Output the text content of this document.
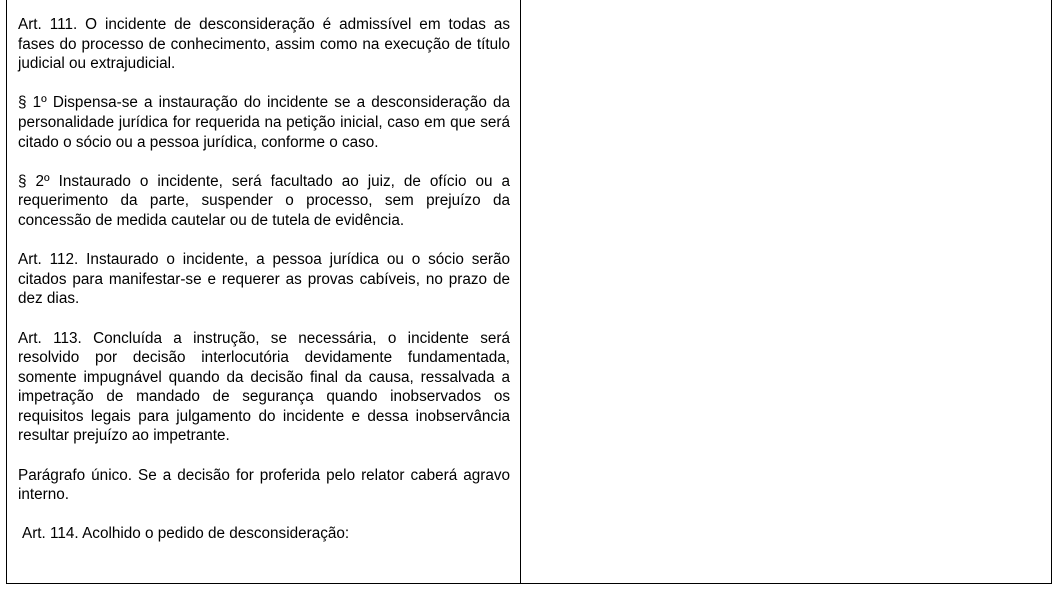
Art. 111. O incidente de desconsideração é admissível em todas as fases do processo de conhecimento, assim como na execução de título judicial ou extrajudicial.

§ 1º Dispensa-se a instauração do incidente se a desconsideração da personalidade jurídica for requerida na petição inicial, caso em que será citado o sócio ou a pessoa jurídica, conforme o caso.

§ 2º Instaurado o incidente, será facultado ao juiz, de ofício ou a requerimento da parte, suspender o processo, sem prejuízo da concessão de medida cautelar ou de tutela de evidência.

Art. 112. Instaurado o incidente, a pessoa jurídica ou o sócio serão citados para manifestar-se e requerer as provas cabíveis, no prazo de dez dias.

Art. 113. Concluída a instrução, se necessária, o incidente será resolvido por decisão interlocutória devidamente fundamentada, somente impugnável quando da decisão final da causa, ressalvada a impetração de mandado de segurança quando inobservados os requisitos legais para julgamento do incidente e dessa inobservância resultar prejuízo ao impetrante.

Parágrafo único. Se a decisão for proferida pelo relator caberá agravo interno.

Art. 114. Acolhido o pedido de desconsideração:
